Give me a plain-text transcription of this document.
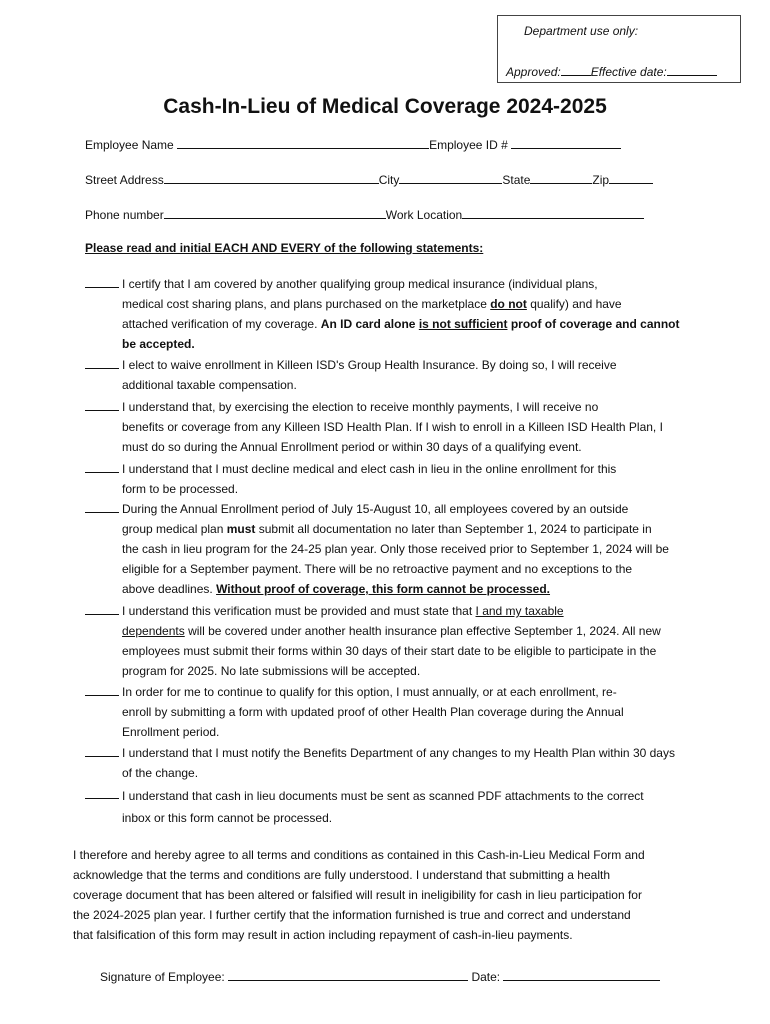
Department use only:
Approved:	Effective date:
Cash-In-Lieu of Medical Coverage 2024-2025
Employee Name	Employee ID #
Street Address	City	State	Zip
Phone number	Work Location
Please read and initial EACH AND EVERY of the following statements:

I certify that I am covered by another qualifying group medical insurance (individual plans,

medical cost sharing plans, and plans purchased on the marketplace do not qualify) and have

attached verification of my coverage. An ID card alone is not sufficient proof of coverage and cannot

be accepted.

I elect to waive enrollment in Killeen ISD's Group Health Insurance. By doing so, I will receive

additional taxable compensation.

I understand that, by exercising the election to receive monthly payments, I will receive no

benefits or coverage from any Killeen ISD Health Plan. If I wish to enroll in a Killeen ISD Health Plan, I

must do so during the Annual Enrollment period or within 30 days of a qualifying event.

I understand that I must decline medical and elect cash in lieu in the online enrollment for this

form to be processed.

During the Annual Enrollment period of July 15-August 10, all employees covered by an outside

group medical plan must submit all documentation no later than September 1, 2024 to participate in

the cash in lieu program for the 24-25 plan year. Only those received prior to September 1, 2024 will be

eligible for a September payment. There will be no retroactive payment and no exceptions to the

above deadlines. Without proof of coverage, this form cannot be processed.

I understand this verification must be provided and must state that I and my taxable

dependents will be covered under another health insurance plan effective September 1, 2024. All new

employees must submit their forms within 30 days of their start date to be eligible to participate in the

program for 2025. No late submissions will be accepted.

In order for me to continue to qualify for this option, I must annually, or at each enrollment, re-

enroll by submitting a form with updated proof of other Health Plan coverage during the Annual

Enrollment period.

I understand that I must notify the Benefits Department of any changes to my Health Plan within 30 days

of the change.

I understand that cash in lieu documents must be sent as scanned PDF attachments to the correct

inbox or this form cannot be processed.

I therefore and hereby agree to all terms and conditions as contained in this Cash-in-Lieu Medical Form and

acknowledge that the terms and conditions are fully understood. I understand that submitting a health

coverage document that has been altered or falsified will result in ineligibility for cash in lieu participation for

the 2024-2025 plan year. I further certify that the information furnished is true and correct and understand

that falsification of this form may result in action including repayment of cash-in-lieu payments.

Signature of Employee:	Date:
